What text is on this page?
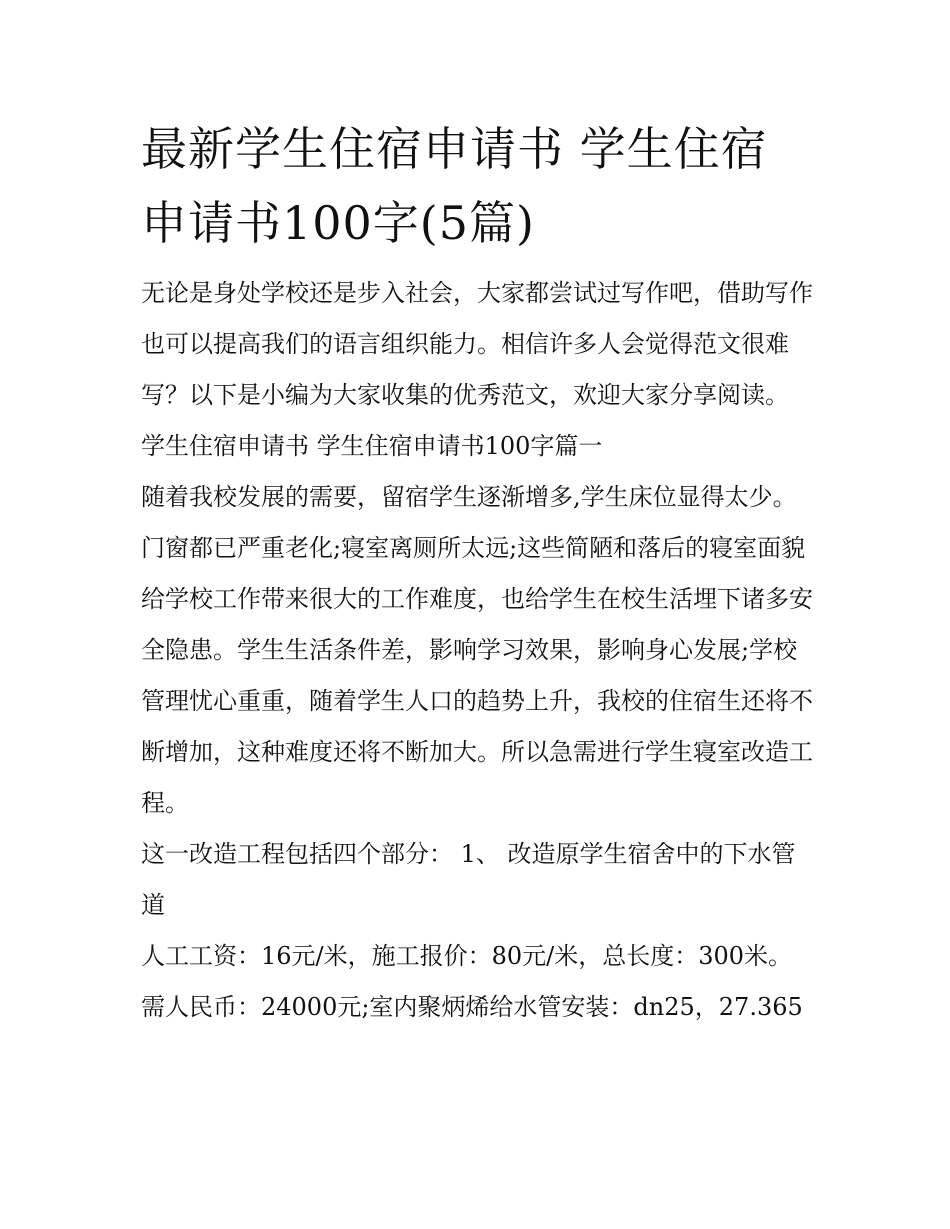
最新学生住宿申请书 学生住宿申请书100字(5篇)

无论是身处学校还是步入社会，大家都尝试过写作吧，借助写作也可以提高我们的语言组织能力。相信许多人会觉得范文很难写？以下是小编为大家收集的优秀范文，欢迎大家分享阅读。

学生住宿申请书 学生住宿申请书100字篇一

随着我校发展的需要，留宿学生逐渐增多,学生床位显得太少。门窗都已严重老化;寝室离厕所太远;这些简陋和落后的寝室面貌给学校工作带来很大的工作难度，也给学生在校生活埋下诸多安全隐患。学生生活条件差，影响学习效果，影响身心发展;学校管理忧心重重，随着学生人口的趋势上升，我校的住宿生还将不断增加，这种难度还将不断加大。所以急需进行学生寝室改造工程。

这一改造工程包括四个部分： 1、 改造原学生宿舍中的下水管道

人工工资：16元/米，施工报价：80元/米，总长度：300米。需人民币：24000元;室内聚炳烯给水管安装：dn25，27.365
